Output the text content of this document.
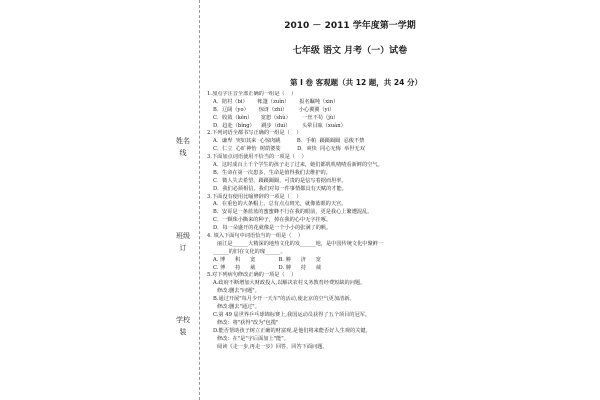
姓名
线
班级
订
学校
装
2010 － 2011 学年度第一学期
七年级 语文 月考（一）试卷
第 I 卷 客观题（共 12 题，共 24 分）
1.加点字注音全部正确的一组是（    ）
A．陪衬（bi）      帐篷（zuǐn）      报名瞩吨（xin）
B．辽阔（yo）      惊讶（zhi）       小心翼翼（yi）
C．收敛（kěn）     宽恕（shù）       一丝不苟（jù）
D．趋赴（bǐng）    跳步（duì）       头晕目眩（xuàn）
2.下列词语全都书写正确的一组是（    ）
A．谦卑  突如其来  心惊肉跳          B．手帕  蹑蹑蹑蹑  忍俊不禁
C．仁立  心旷神怡  树荫婆娑          D．爽快  同心无悔  举世无双
3.下面加点词语使用不恰当的一项是（    ）
A．这时成百上千个学生的孩子走了过来，她们都叽叽喳喳看新鲜的空气。
B．生命在第一次患多，生命是值得我们去维护的。
C．微人失去希望，蹑蹑蹑蹑，可贵的是信写着据而坦率。
D．我们必须相信，我们对每一件事情都具有天赋的才能。
3.下面没有使用比喻修辞的一项是（    ）
A．在重色的大条帽上，总有点点斑光，就像蓝眼的天宫。
B．安哥是一条蓝蓝的蜜蜜蜂不行在我的眼前，更是我心上繁遭混乱。
C．一颗珠小撕来的种子，掉在我的心中无字挂啄。
D．每一朵盛开的花就像是一个小小的张满了的帆。
4. 填入下面句中词语恰当的一组是（    ）
丽江是______大精深的地热文化的发______地，是中国传统文化中聚鲜一
______的旧在文化的瑰______。
A. 博      积      宽              B. 膊      济      宽
C. 博      持      葳              D. 膊      持      葳
5.对下列病句修改正确的一项是（    ）
A.政府不断增加大财政投入,以解决农村义务教育经费短缺的问题。
修改:删去"问题"。
B.通过开展"每月少开一天车"的活动,使北京的空气更加清新。
修改:删去"通过"。
C.第 49 届世界乒乓球锦标赛上,我国运动员获得了五个项目的冠军。
修改：将"获得"改为"包揽"
D.能否帮助孩子树立正确的财富观,是他们将来能否好人生观的关键。
修改：在"是"字后面加上"能"。
阅读《走一步,再走一步》回答，回答下面问题。
